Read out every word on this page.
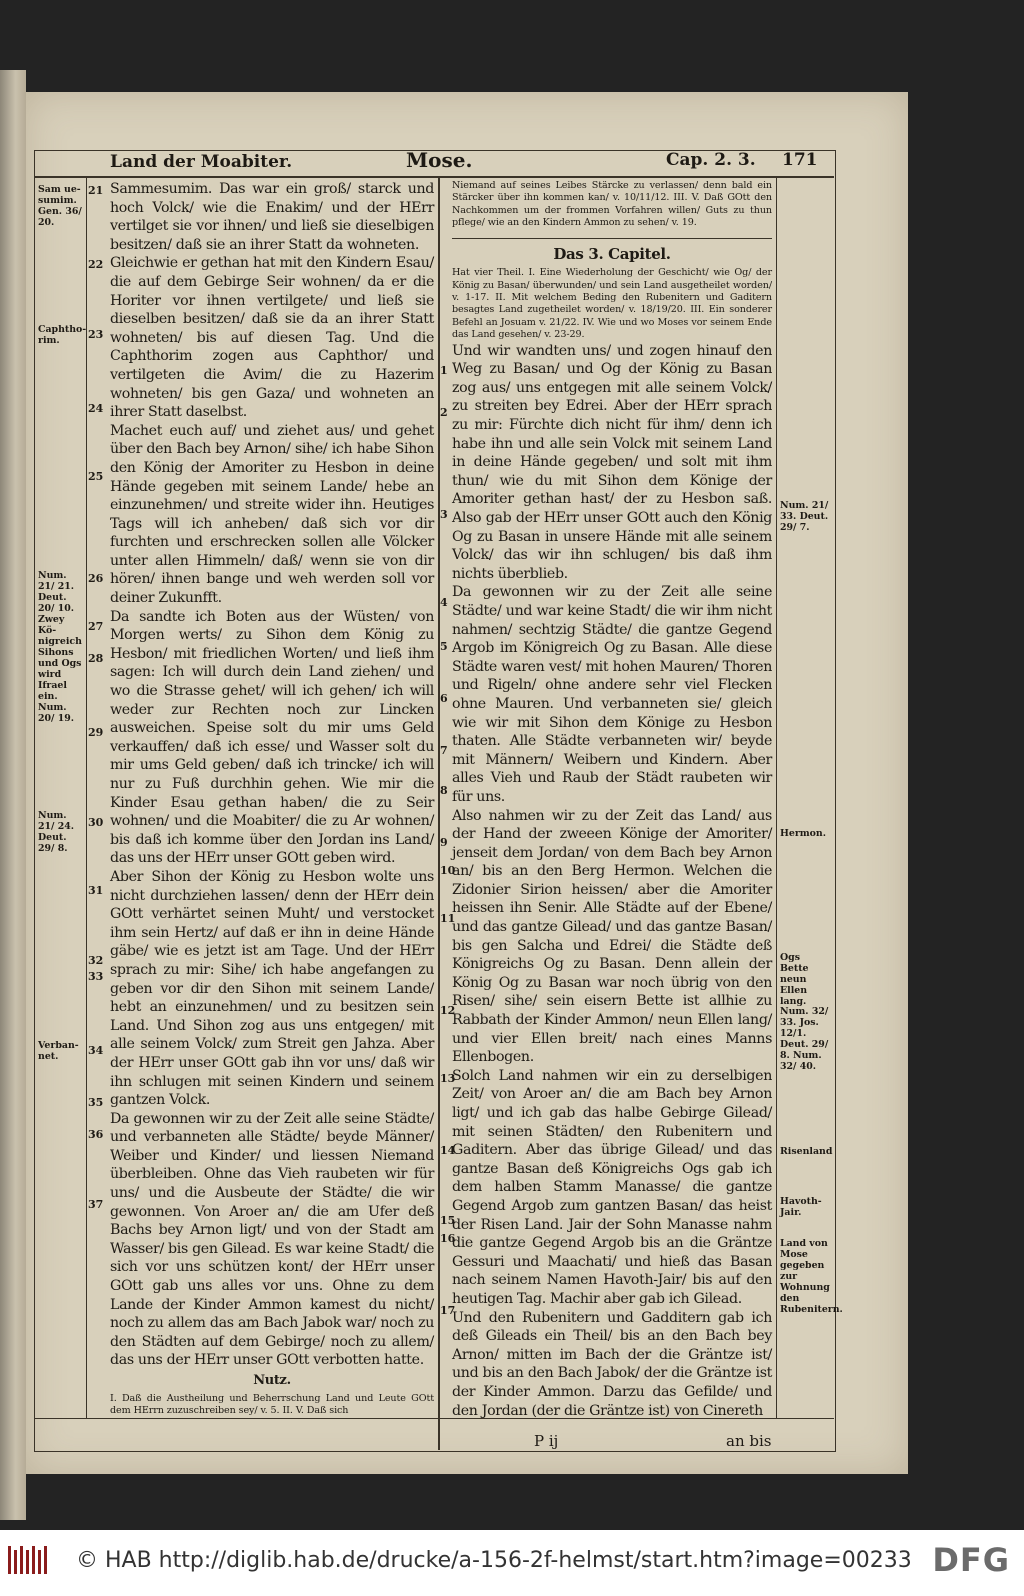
Land der Moabiter.	Mose.	Cap. 2. 3. 171
Sam ue-sumim. Gen. 36/ 20.
Caphtho-rim.
Num. 21/ 21. Deut. 20/ 10. Zwey Kö-nigreich Sihons und Ogs wird Ifrael ein. Num. 20/ 19.
Num. 21/ 24. Deut. 29/ 8.
Verban-net.
21
22
23
24
25
26
27
28
29
30
31
32
33
34
35
36
37

Sammesumim. Das war ein groß/ starck und hoch Volck/ wie die Enakim/ und der HErr vertilget sie vor ihnen/ und ließ sie dieselbigen besitzen/ daß sie an ihrer Statt da wohneten.

Gleichwie er gethan hat mit den Kindern Esau/ die auf dem Gebirge Seir wohnen/ da er die Horiter vor ihnen vertilgete/ und ließ sie dieselben besitzen/ daß sie da an ihrer Statt wohneten/ bis auf diesen Tag. Und die Caphthorim zogen aus Caphthor/ und vertilgeten die Avim/ die zu Hazerim wohneten/ bis gen Gaza/ und wohneten an ihrer Statt daselbst.

Machet euch auf/ und ziehet aus/ und gehet über den Bach bey Arnon/ sihe/ ich habe Sihon den König der Amoriter zu Hesbon in deine Hände gegeben mit seinem Lande/ hebe an einzunehmen/ und streite wider ihn. Heutiges Tags will ich anheben/ daß sich vor dir furchten und erschrecken sollen alle Völcker unter allen Himmeln/ daß/ wenn sie von dir hören/ ihnen bange und weh werden soll vor deiner Zukunfft.

Da sandte ich Boten aus der Wüsten/ von Morgen werts/ zu Sihon dem König zu Hesbon/ mit friedlichen Worten/ und ließ ihm sagen: Ich will durch dein Land ziehen/ und wo die Strasse gehet/ will ich gehen/ ich will weder zur Rechten noch zur Lincken ausweichen. Speise solt du mir ums Geld verkauffen/ daß ich esse/ und Wasser solt du mir ums Geld geben/ daß ich trincke/ ich will nur zu Fuß durchhin gehen. Wie mir die Kinder Esau gethan haben/ die zu Seir wohnen/ und die Moabiter/ die zu Ar wohnen/ bis daß ich komme über den Jordan ins Land/ das uns der HErr unser GOtt geben wird.

Aber Sihon der König zu Hesbon wolte uns nicht durchziehen lassen/ denn der HErr dein GOtt verhärtet seinen Muht/ und verstocket ihm sein Hertz/ auf daß er ihn in deine Hände gäbe/ wie es jetzt ist am Tage. Und der HErr sprach zu mir: Sihe/ ich habe angefangen zu geben vor dir den Sihon mit seinem Lande/ hebt an einzunehmen/ und zu besitzen sein Land. Und Sihon zog aus uns entgegen/ mit alle seinem Volck/ zum Streit gen Jahza. Aber der HErr unser GOtt gab ihn vor uns/ daß wir ihn schlugen mit seinen Kindern und seinem gantzen Volck.

Da gewonnen wir zu der Zeit alle seine Städte/ und verbanneten alle Städte/ beyde Männer/ Weiber und Kinder/ und liessen Niemand überbleiben. Ohne das Vieh raubeten wir für uns/ und die Ausbeute der Städte/ die wir gewonnen. Von Aroer an/ die am Ufer deß Bachs bey Arnon ligt/ und von der Stadt am Wasser/ bis gen Gilead. Es war keine Stadt/ die sich vor uns schützen kont/ der HErr unser GOtt gab uns alles vor uns. Ohne zu dem Lande der Kinder Ammon kamest du nicht/ noch zu allem das am Bach Jabok war/ noch zu den Städten auf dem Gebirge/ noch zu allem/ das uns der HErr unser GOtt verbotten hatte.

Nutz.

I. Daß die Austheilung und Beherrschung Land und Leute GOtt dem HErrn zuzuschreiben sey/ v. 5. II. V. Daß sich

Niemand auf seines Leibes Stärcke zu verlassen/ denn bald ein Stärcker über ihn kommen kan/ v. 10/11/12. III. V. Daß GOtt den Nachkommen um der frommen Vorfahren willen/ Guts zu thun pflege/ wie an den Kindern Ammon zu sehen/ v. 19.

Das 3. Capitel.

Hat vier Theil. I. Eine Wiederholung der Geschicht/ wie Og/ der König zu Basan/ überwunden/ und sein Land ausgetheilet worden/ v. 1-17. II. Mit welchem Beding den Rubenitern und Gaditern besagtes Land zugetheilet worden/ v. 18/19/20. III. Ein sonderer Befehl an Josuam v. 21/22. IV. Wie und wo Moses vor seinem Ende das Land gesehen/ v. 23-29.

Und wir wandten uns/ und zogen hinauf den Weg zu Basan/ und Og der König zu Basan zog aus/ uns entgegen mit alle seinem Volck/ zu streiten bey Edrei. Aber der HErr sprach zu mir: Fürchte dich nicht für ihm/ denn ich habe ihn und alle sein Volck mit seinem Land in deine Hände gegeben/ und solt mit ihm thun/ wie du mit Sihon dem Könige der Amoriter gethan hast/ der zu Hesbon saß. Also gab der HErr unser GOtt auch den König Og zu Basan in unsere Hände mit alle seinem Volck/ das wir ihn schlugen/ bis daß ihm nichts überblieb.

Da gewonnen wir zu der Zeit alle seine Städte/ und war keine Stadt/ die wir ihm nicht nahmen/ sechtzig Städte/ die gantze Gegend Argob im Königreich Og zu Basan. Alle diese Städte waren vest/ mit hohen Mauren/ Thoren und Rigeln/ ohne andere sehr viel Flecken ohne Mauren. Und verbanneten sie/ gleich wie wir mit Sihon dem Könige zu Hesbon thaten. Alle Städte verbanneten wir/ beyde mit Männern/ Weibern und Kindern. Aber alles Vieh und Raub der Städt raubeten wir für uns.

Also nahmen wir zu der Zeit das Land/ aus der Hand der zweeen Könige der Amoriter/ jenseit dem Jordan/ von dem Bach bey Arnon an/ bis an den Berg Hermon. Welchen die Zidonier Sirion heissen/ aber die Amoriter heissen ihn Senir. Alle Städte auf der Ebene/ und das gantze Gilead/ und das gantze Basan/ bis gen Salcha und Edrei/ die Städte deß Königreichs Og zu Basan. Denn allein der König Og zu Basan war noch übrig von den Risen/ sihe/ sein eisern Bette ist allhie zu Rabbath der Kinder Ammon/ neun Ellen lang/ und vier Ellen breit/ nach eines Manns Ellenbogen.

Solch Land nahmen wir ein zu derselbigen Zeit/ von Aroer an/ die am Bach bey Arnon ligt/ und ich gab das halbe Gebirge Gilead/ mit seinen Städten/ den Rubenitern und Gaditern. Aber das übrige Gilead/ und das gantze Basan deß Königreichs Ogs gab ich dem halben Stamm Manasse/ die gantze Gegend Argob zum gantzen Basan/ das heist der Risen Land. Jair der Sohn Manasse nahm die gantze Gegend Argob bis an die Gräntze Gessuri und Maachati/ und hieß das Basan nach seinem Namen Havoth-Jair/ bis auf den heutigen Tag. Machir aber gab ich Gilead.

Und den Rubenitern und Gadditern gab ich deß Gileads ein Theil/ bis an den Bach bey Arnon/ mitten im Bach der die Gräntze ist/ und bis an den Bach Jabok/ der die Gräntze ist der Kinder Ammon. Darzu das Gefilde/ und den Jordan (der die Gräntze ist) von Cinereth

1
2
3
4
5
6
7
8
9
10
11
12
13
14
15
16
17
Num. 21/ 33. Deut. 29/ 7.
Hermon.
Ogs Bette neun Ellen lang.
Num. 32/ 33. Jos. 12/1. Deut. 29/ 8. Num. 32/ 40.
Risenland
Havoth-Jair.
Land von Mose gegeben zur Wohnung den Rubenitern.
P ij	an bis
© HAB http://diglib.hab.de/drucke/a-156-2f-helmst/start.htm?image=00233 DFG
